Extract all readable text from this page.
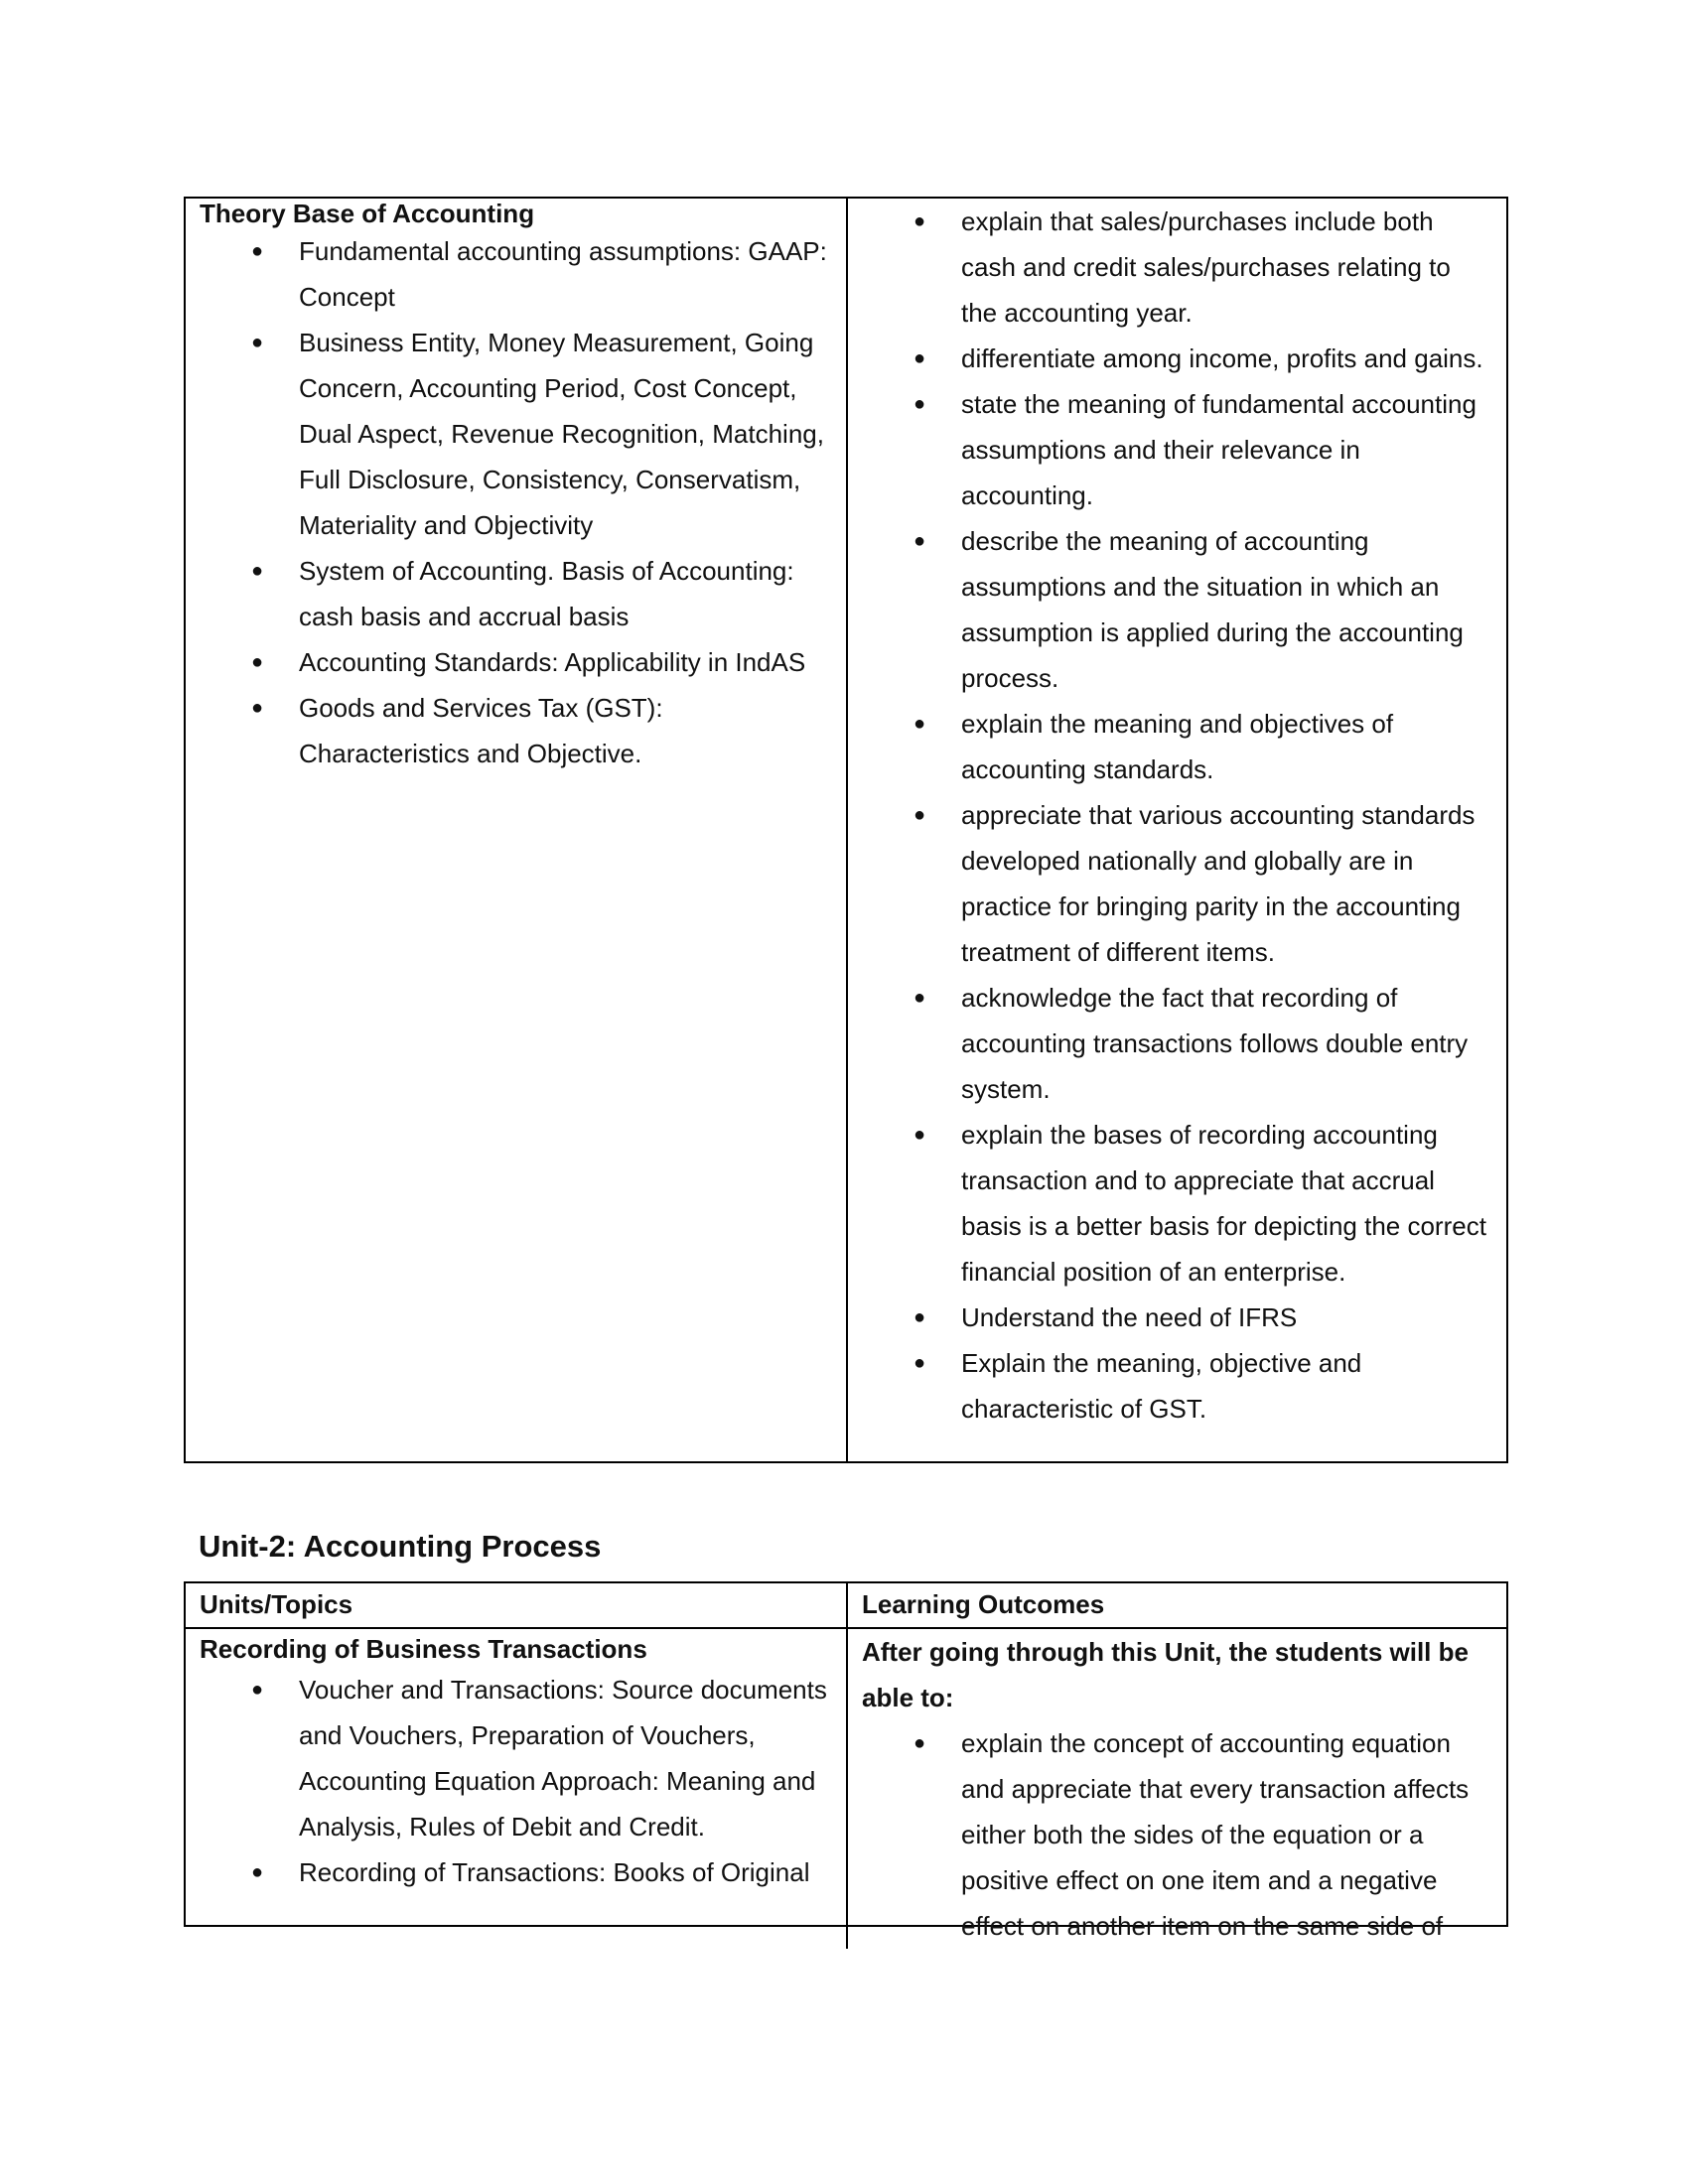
Theory Base of Accounting

● Fundamental accounting assumptions: GAAP: Concept
● Business Entity, Money Measurement, Going Concern, Accounting Period, Cost Concept, Dual Aspect, Revenue Recognition, Matching, Full Disclosure, Consistency, Conservatism, Materiality and Objectivity
● System of Accounting. Basis of Accounting: cash basis and accrual basis
● Accounting Standards: Applicability in IndAS
● Goods and Services Tax (GST): Characteristics and Objective.
● explain that sales/purchases include both cash and credit sales/purchases relating to the accounting year.
● differentiate among income, profits and gains.
● state the meaning of fundamental accounting assumptions and their relevance in accounting.
● describe the meaning of accounting assumptions and the situation in which an assumption is applied during the accounting process.
● explain the meaning and objectives of accounting standards.
● appreciate that various accounting standards developed nationally and globally are in practice for bringing parity in the accounting treatment of different items.
● acknowledge the fact that recording of accounting transactions follows double entry system.
● explain the bases of recording accounting transaction and to appreciate that accrual basis is a better basis for depicting the correct financial position of an enterprise.
● Understand the need of IFRS
● Explain the meaning, objective and characteristic of GST.
Unit-2: Accounting Process

Units/Topics	Learning Outcomes

Recording of Business Transactions

● Voucher and Transactions: Source documents and Vouchers, Preparation of Vouchers, Accounting Equation Approach: Meaning and Analysis, Rules of Debit and Credit.
● Recording of Transactions: Books of Original

After going through this Unit, the students will be able to:

● explain the concept of accounting equation and appreciate that every transaction affects either both the sides of the equation or a positive effect on one item and a negative effect on another item on the same side of
